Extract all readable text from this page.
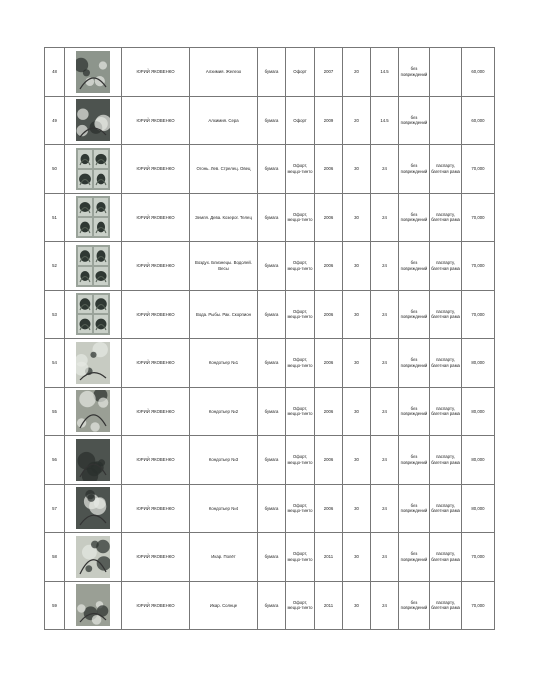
48		ЮРИЙ ЯКОВЕНКО	Алхимия. Железо	бумага	Офорт	2007	20	14.5	без повреждений		60,000
49		ЮРИЙ ЯКОВЕНКО	Алхимия. Сера	бумага	Офорт	2009	20	14.5	без повреждений		60,000
50		ЮРИЙ ЯКОВЕНКО	Огонь. Лев. Стрелец. Овец	бумага	Офорт, меццо-тинто	2006	30	24	без повреждений	паспарту, багетная рама	70,000
51		ЮРИЙ ЯКОВЕНКО	Земля. Дева. Козерог. Телец	бумага	Офорт, меццо-тинто	2006	30	24	без повреждений	паспарту, багетная рама	70,000
52		ЮРИЙ ЯКОВЕНКО	Воздух. Близнецы. Водолей. Весы	бумага	Офорт, меццо-тинто	2006	30	24	без повреждений	паспарту, багетная рама	70,000
53		ЮРИЙ ЯКОВЕНКО	Вода. Рыбы. Рак. Скорпион	бумага	Офорт, меццо-тинто	2006	30	24	без повреждений	паспарту, багетная рама	70,000
54		ЮРИЙ ЯКОВЕНКО	Кондотьер №1	бумага	Офорт, меццо-тинто	2006	30	24	без повреждений	паспарту, багетная рама	80,000
55		ЮРИЙ ЯКОВЕНКО	Кондотьер №2	бумага	Офорт, меццо-тинто	2006	30	24	без повреждений	паспарту, багетная рама	80,000
56		ЮРИЙ ЯКОВЕНКО	Кондотьер №3	бумага	Офорт, меццо-тинто	2006	30	24	без повреждений	паспарту, багетная рама	80,000
57		ЮРИЙ ЯКОВЕНКО	Кондотьер №4	бумага	Офорт, меццо-тинто	2006	30	24	без повреждений	паспарту, багетная рама	80,000
58		ЮРИЙ ЯКОВЕНКО	Икар. Полёт	бумага	Офорт, меццо-тинто	2011	30	24	без повреждений	паспарту, багетная рама	70,000
59		ЮРИЙ ЯКОВЕНКО	Икар. Солнце	бумага	Офорт, меццо-тинто	2011	30	24	без повреждений	паспарту, багетная рама	70,000
